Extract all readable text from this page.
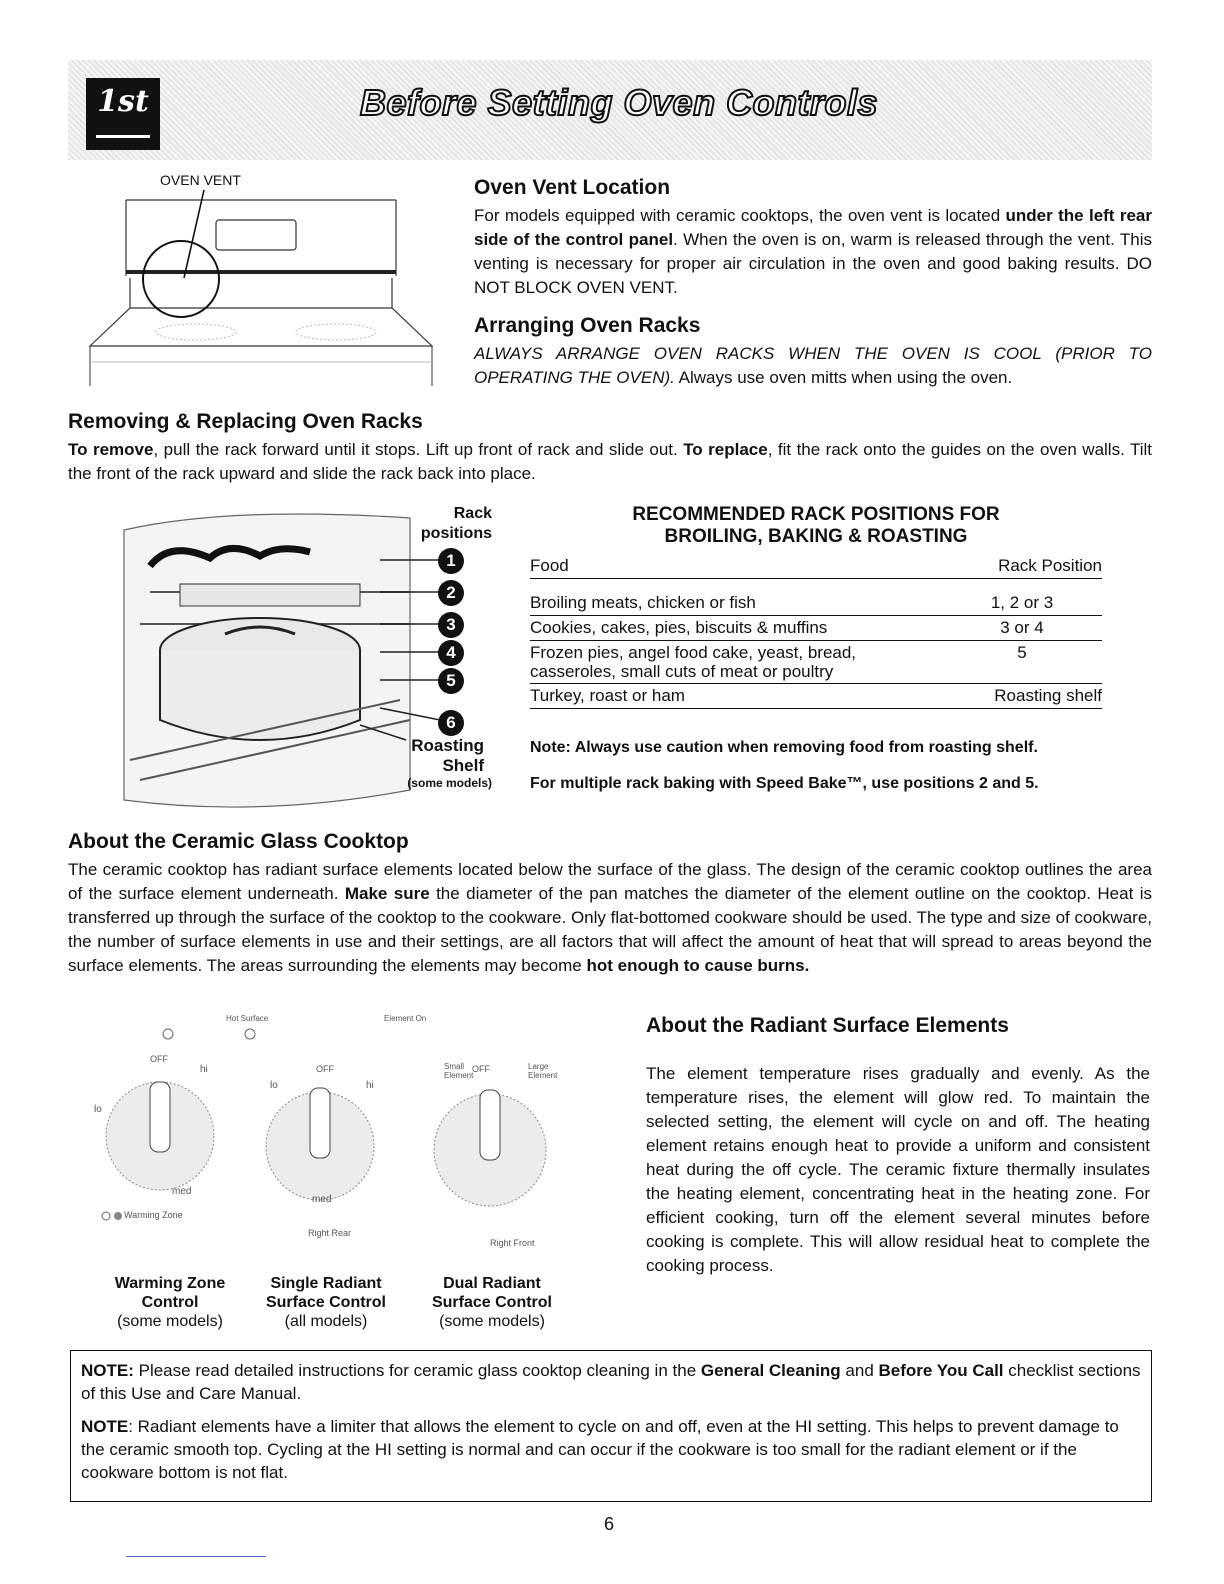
1st	Before Setting Oven Controls
OVEN VENT	Oven Vent Location

For models equipped with ceramic cooktops, the oven vent is located under the left rear side of the control panel. When the oven is on, warm is released through the vent. This venting is necessary for proper air circulation in the oven and good baking results. DO NOT BLOCK OVEN VENT.

Arranging Oven Racks

ALWAYS ARRANGE OVEN RACKS WHEN THE OVEN IS COOL (PRIOR TO OPERATING THE OVEN). Always use oven mitts when using the oven.

Removing & Replacing Oven Racks

To remove, pull the rack forward until it stops. Lift up front of rack and slide out. To replace, fit the rack onto the guides on the oven walls. Tilt the front of the rack upward and slide the rack back into place.

Rack positions
1
2
3
4
5
6
Roasting Shelf
(some models)
RECOMMENDED RACK POSITIONS FOR
BROILING, BAKING & ROASTING
Food	Rack Position

Broiling meats, chicken or fish	1, 2 or 3
Cookies, cakes, pies, biscuits & muffins	3 or 4
Frozen pies, angel food cake, yeast, bread, casseroles, small cuts of meat or poultry	5
Turkey, roast or ham	Roasting shelf

Note: Always use caution when removing food from roasting shelf.

For multiple rack baking with Speed Bake™, use positions 2 and 5.

About the Ceramic Glass Cooktop

The ceramic cooktop has radiant surface elements located below the surface of the glass. The design of the ceramic cooktop outlines the area of the surface element underneath. Make sure the diameter of the pan matches the diameter of the element outline on the cooktop. Heat is transferred up through the surface of the cooktop to the cookware. Only flat-bottomed cookware should be used. The type and size of cookware, the number of surface elements in use and their settings, are all factors that will affect the amount of heat that will spread to areas beyond the surface elements. The areas surrounding the elements may become hot enough to cause burns.

Hot Surface	Element On
OFF
hi
lo
med
Warming Zone
OFF
lo	hi
med
Right Rear
OFF
Small Element
Large Element
Right Front
Warming Zone
Control
(some models)
Single Radiant
Surface Control
(all models)
Dual Radiant
Surface Control
(some models)
About the Radiant Surface Elements

The element temperature rises gradually and evenly. As the temperature rises, the element will glow red. To maintain the selected setting, the element will cycle on and off. The heating element retains enough heat to provide a uniform and consistent heat during the off cycle. The ceramic fixture thermally insulates the heating element, concentrating heat in the heating zone. For efficient cooking, turn off the element several minutes before cooking is complete. This will allow residual heat to complete the cooking process.

NOTE: Please read detailed instructions for ceramic glass cooktop cleaning in the General Cleaning and Before You Call checklist sections of this Use and Care Manual.

NOTE: Radiant elements have a limiter that allows the element to cycle on and off, even at the HI setting. This helps to prevent damage to the ceramic smooth top. Cycling at the HI setting is normal and can occur if the cookware is too small for the radiant element or if the cookware bottom is not flat.

6
